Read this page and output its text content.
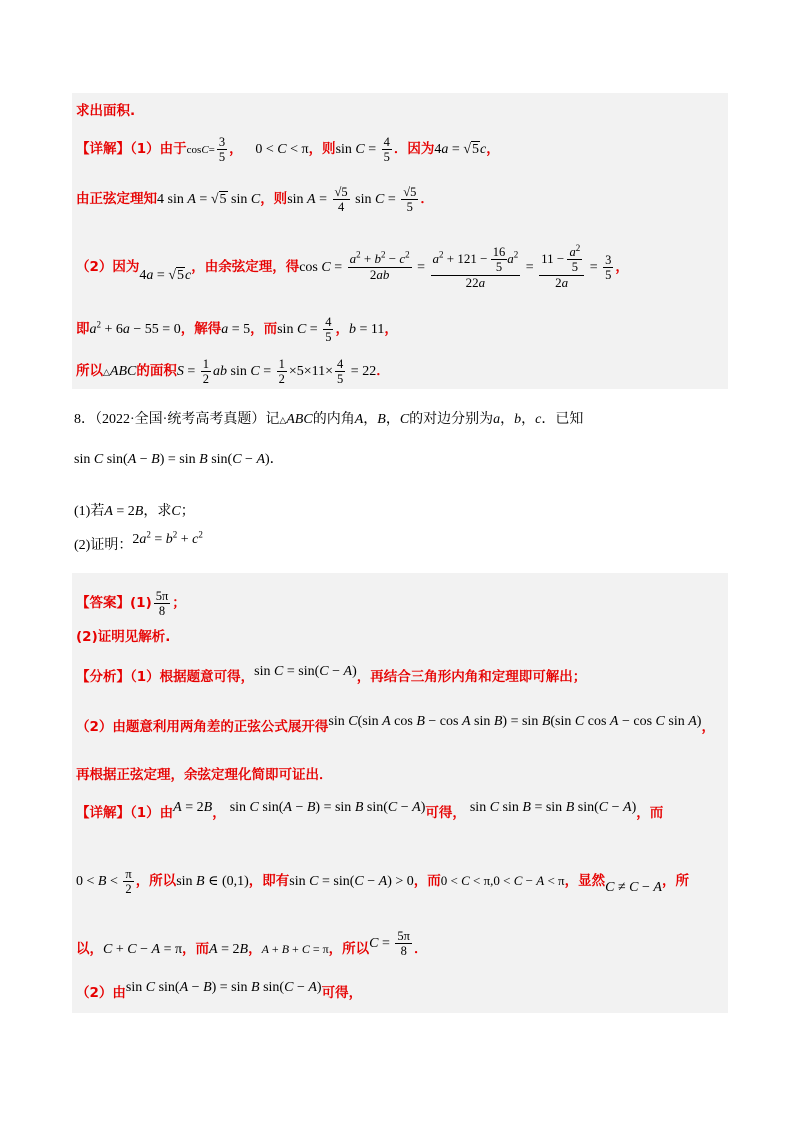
求出面积.
【详解】（1）由于$\cos C= \frac{3}{5}$ ， 0 < C < π，则$\sin C = \frac{4}{5}$ ．因为4a = √5c，
由正弦定理知4 sin A = √5 sin C，则$\sin A = \frac{√5}{4}$ $\sin C = \frac{√5}{5}$ ．
（2）因为4a = √5c，由余弦定理，得$\cos C = \frac{a^2 + b^2 - c^2}{2ab} = \frac{a^2 + 121 - \frac{16}{5} a^2}{22a} = \frac{11 - \frac{a^2}{5}}{2a} = \frac{3}{5}$ ，
即$a^2 + 6a - 55 = 0$，解得a = 5，而$\sin C = \frac{4}{5}$ ，b = 11，
所以△ABC的面积$S = \frac{1}{2}$ ab $\sin C = \frac{1}{2} \times 5\times 11\times \frac{4}{5} = 22$．
8．（2022·全国·统考高考真题）记△ABC的内角A，B，C的对边分别为a，b，c．已知
sin C sin(A − B) = sin B sin(C − A)．
(1)若A = 2B，求C；
(2)证明：$2a^2 = b^2 + c^2$
【答案】$(1) \frac{5\pi}{8}$ ；
(2)证明见解析.
【分析】（1）根据题意可得，sin C = sin(C − A)，再结合三角形内角和定理即可解出；
（2）由题意利用两角差的正弦公式展开得sin C(sin A cos B − cos A sin B) = sin B(sin C cos A − cos C sin A)，
再根据正弦定理，余弦定理化简即可证出．
【详解】（1）由A = 2B， sin C sin(A − B) = sin B sin(C − A)可得， sin C sin B = sin B sin(C − A)，而
$0 < B < \frac{\pi}{2}$ ，所以sin B ∈ (0,1)，即有sin C = sin(C − A) > 0，而0 < C < π,0 < C − A < π，显然C ≠ C − A，所
以，C + C − A = π，而A = 2B，A + B + C = π，所以$C = \frac{5\pi}{8}$ ．
（2）由sin C sin(A − B) = sin B sin(C − A)可得，
